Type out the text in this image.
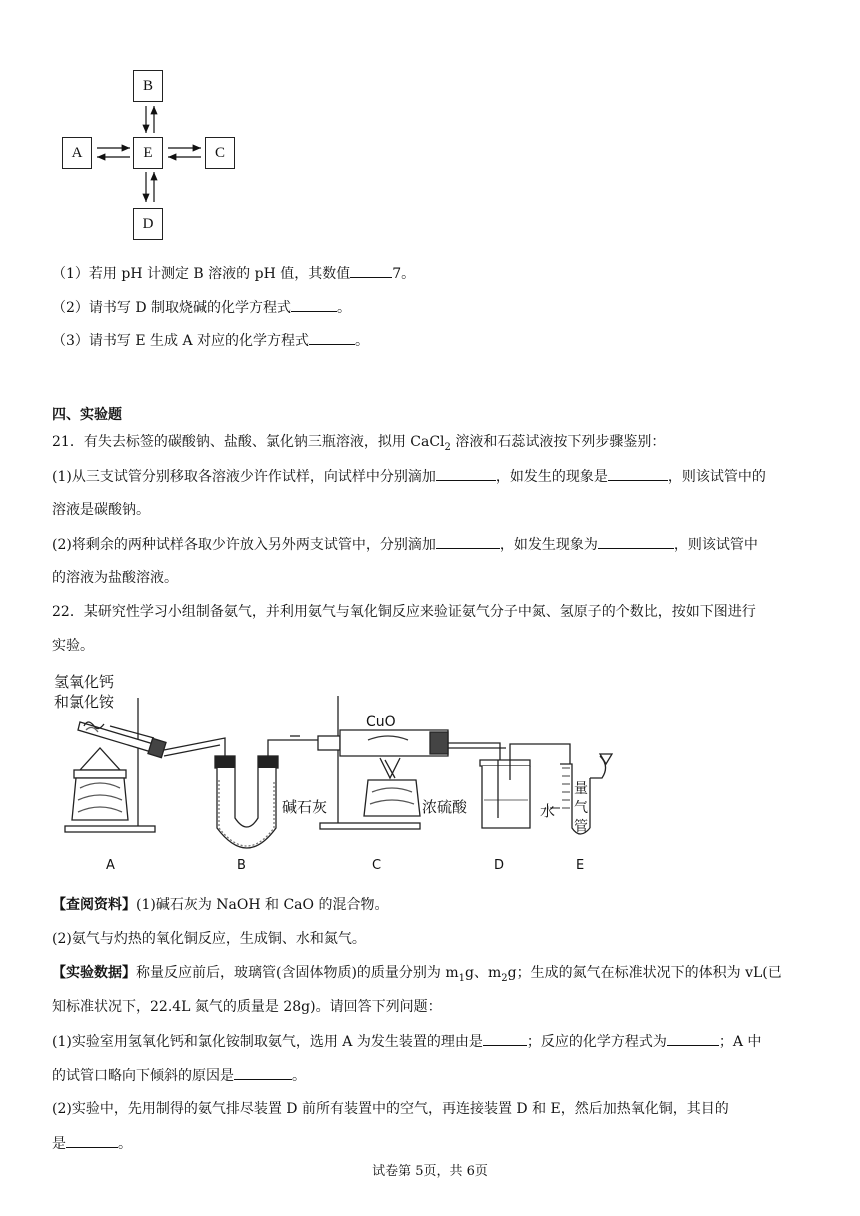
B
A	E	C
D
（1）若用 pH 计测定 B 溶液的 pH 值，其数值	7。
（2）请书写 D 制取烧碱的化学方程式	。
（3）请书写 E 生成 A 对应的化学方程式	。
四、实验题
21．有失去标签的碳酸钠、盐酸、氯化钠三瓶溶液，拟用 CaCl$_2$ 溶液和石蕊试液按下列步骤鉴别：
(1)从三支试管分别移取各溶液少许作试样，向试样中分别滴加	，如发生的现象是	，则该试管中的
溶液是碳酸钠。
(2)将剩余的两种试样各取少许放入另外两支试管中，分别滴加	，如发生现象为	，则该试管中
的溶液为盐酸溶液。
22．某研究性学习小组制备氨气，并利用氨气与氧化铜反应来验证氨气分子中氮、氢原子的个数比，按如下图进行
实验。
氢氧化钙
和氯化铵
CuO
碱石灰	浓硫酸	水
量
气
管
A	B	C	D	E
【查阅资料】(1)碱石灰为 NaOH 和 CaO 的混合物。
(2)氨气与灼热的氧化铜反应，生成铜、水和氮气。
【实验数据】称量反应前后，玻璃管(含固体物质)的质量分别为 $m_1g$、$m_2g$；生成的氮气在标准状况下的体积为 vL(已
知标准状况下，22.4L 氮气的质量是 28g)。请回答下列问题：
(1)实验室用氢氧化钙和氯化铵制取氨气，选用 A 为发生装置的理由是	；反应的化学方程式为	；A 中
的试管口略向下倾斜的原因是	。
(2)实验中，先用制得的氨气排尽装置 D 前所有装置中的空气，再连接装置 D 和 E，然后加热氧化铜，其目的
是	。
试卷第 5页，共 6页
